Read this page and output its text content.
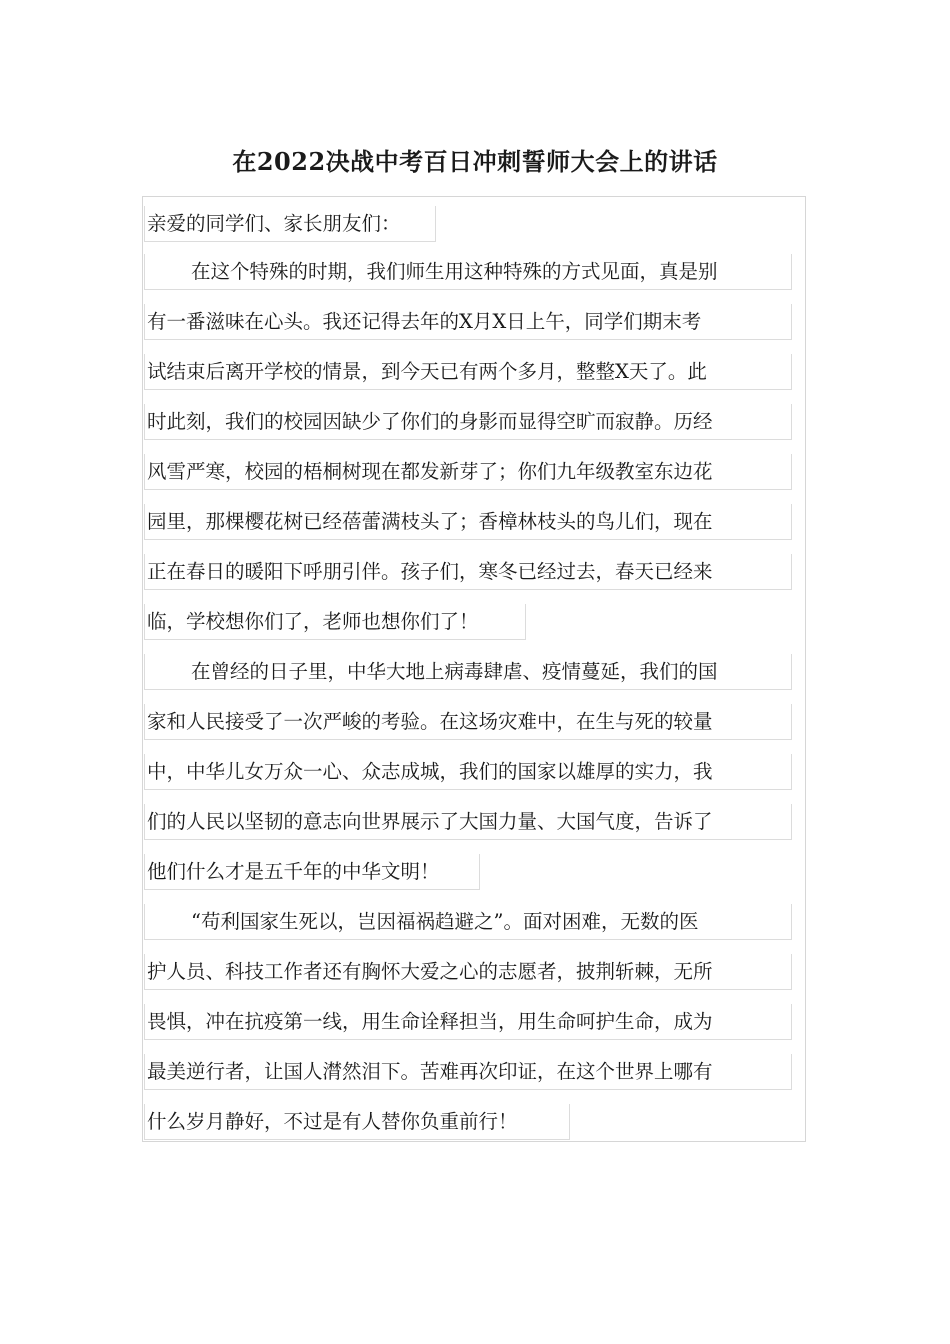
在2022决战中考百日冲刺誓师大会上的讲话
亲爱的同学们、家长朋友们：
在这个特殊的时期，我们师生用这种特殊的方式见面，真是别
有一番滋味在心头。我还记得去年的X月X日上午，同学们期末考
试结束后离开学校的情景，到今天已有两个多月，整整X天了。此
时此刻，我们的校园因缺少了你们的身影而显得空旷而寂静。历经
风雪严寒，校园的梧桐树现在都发新芽了；你们九年级教室东边花
园里，那棵樱花树已经蓓蕾满枝头了；香樟林枝头的鸟儿们，现在
正在春日的暖阳下呼朋引伴。孩子们，寒冬已经过去，春天已经来
临，学校想你们了，老师也想你们了！
在曾经的日子里，中华大地上病毒肆虐、疫情蔓延，我们的国
家和人民接受了一次严峻的考验。在这场灾难中，在生与死的较量
中，中华儿女万众一心、众志成城，我们的国家以雄厚的实力，我
们的人民以坚韧的意志向世界展示了大国力量、大国气度，告诉了
他们什么才是五千年的中华文明！
“苟利国家生死以，岂因福祸趋避之”。面对困难，无数的医
护人员、科技工作者还有胸怀大爱之心的志愿者，披荆斩棘，无所
畏惧，冲在抗疫第一线，用生命诠释担当，用生命呵护生命，成为
最美逆行者，让国人潸然泪下。苦难再次印证，在这个世界上哪有
什么岁月静好，不过是有人替你负重前行！
